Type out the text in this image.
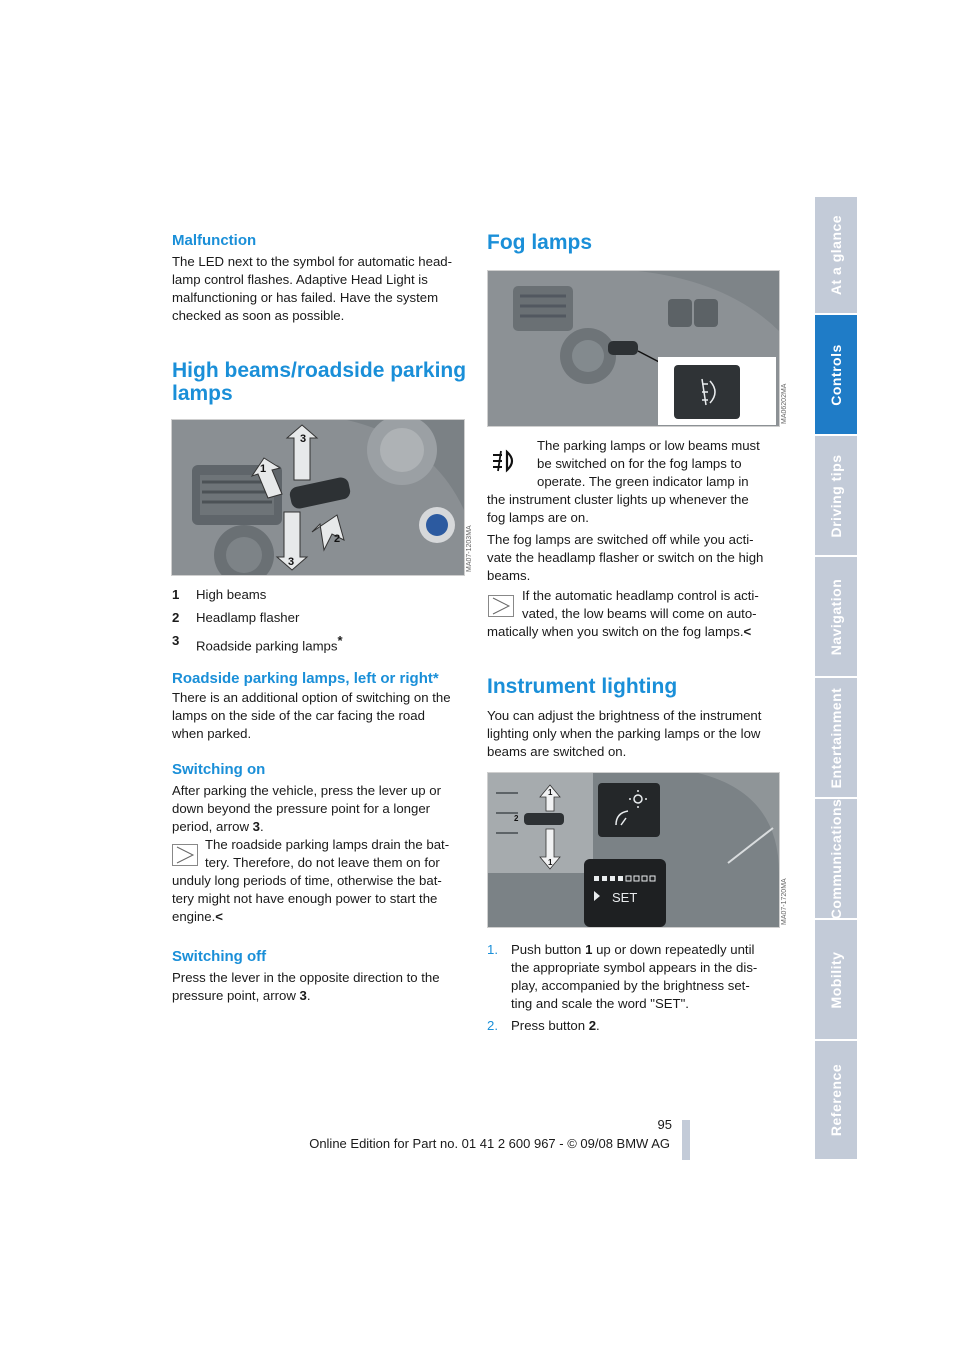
At a glance
Controls
Driving tips
Navigation
Entertainment
Communications
Mobility
Reference
Malfunction

The LED next to the symbol for automatic head-

lamp control flashes. Adaptive Head Light is

malfunctioning or has failed. Have the system

checked as soon as possible.

High beams/roadside parking
lamps
3
1
3
2	MA07-1203MA
1 High beams
2 Headlamp flasher
3 Roadside parking lamps*
Roadside parking lamps, left or right*

There is an additional option of switching on the

lamps on the side of the car facing the road

when parked.

Switching on

After parking the vehicle, press the lever up or

down beyond the pressure point for a longer

period, arrow 3.

The roadside parking lamps drain the bat-

tery. Therefore, do not leave them on for

unduly long periods of time, otherwise the bat-

tery might not have enough power to start the

engine.<

Switching off

Press the lever in the opposite direction to the

pressure point, arrow 3.

Fog lamps
MA06202MA

The parking lamps or low beams must

be switched on for the fog lamps to

operate. The green indicator lamp in

the instrument cluster lights up whenever the

fog lamps are on.

The fog lamps are switched off while you acti-

vate the headlamp flasher or switch on the high

beams.

If the automatic headlamp control is acti-

vated, the low beams will come on auto-

matically when you switch on the fog lamps.<

Instrument lighting

You can adjust the brightness of the instrument

lighting only when the parking lamps or the low

beams are switched on.

1
1
2
SET	MA07-1720MA

1. Push button 1 up or down repeatedly until

the appropriate symbol appears in the dis-

play, accompanied by the brightness set-

ting and scale the word "SET".

2. Press button 2.

95
Online Edition for Part no. 01 41 2 600 967 - © 09/08 BMW AG
